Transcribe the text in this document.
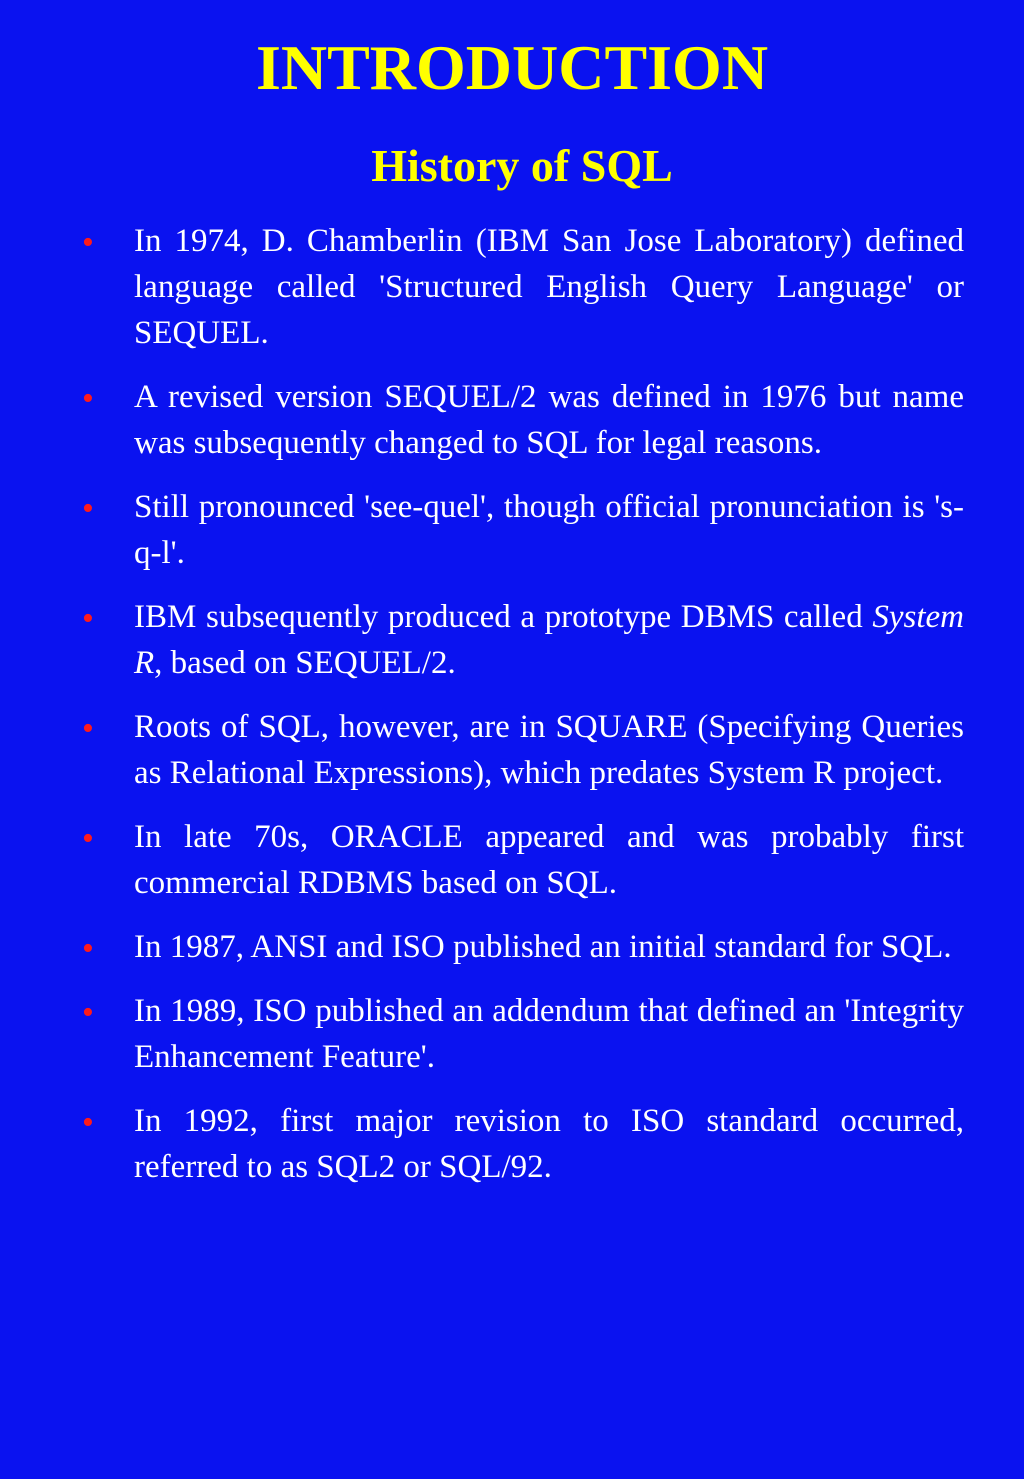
INTRODUCTION
History of SQL
• In 1974, D. Chamberlin (IBM San Jose Laboratory) defined language called 'Structured English Query Language' or SEQUEL.
• A revised version SEQUEL/2 was defined in 1976 but name was subsequently changed to SQL for legal reasons.
• Still pronounced 'see-quel', though official pronunciation is 's-q-l'.
• IBM subsequently produced a prototype DBMS called System R, based on SEQUEL/2.
• Roots of SQL, however, are in SQUARE (Specifying Queries as Relational Expressions), which predates System R project.
• In late 70s, ORACLE appeared and was probably first commercial RDBMS based on SQL.
• In 1987, ANSI and ISO published an initial standard for SQL.
• In 1989, ISO published an addendum that defined an 'Integrity Enhancement Feature'.
• In 1992, first major revision to ISO standard occurred, referred to as SQL2 or SQL/92.
